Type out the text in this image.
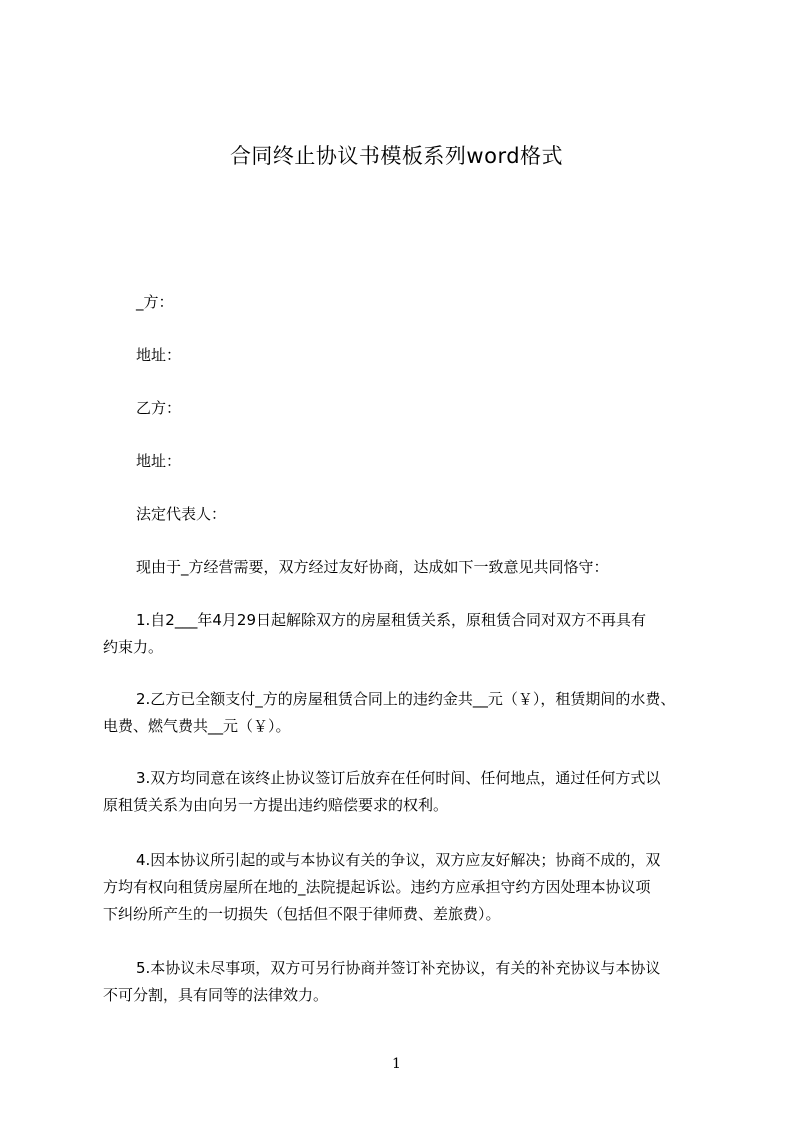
合同终止协议书模板系列word格式

_方：

地址：

乙方：

地址：

法定代表人：

现由于_方经营需要，双方经过友好协商，达成如下一致意见共同恪守：

1.自2___年4月29日起解除双方的房屋租赁关系，原租赁合同对双方不再具有
约束力。
2.乙方已全额支付_方的房屋租赁合同上的违约金共__元（￥），租赁期间的水费、
电费、燃气费共__元（￥）。
3.双方均同意在该终止协议签订后放弃在任何时间、任何地点，通过任何方式以
原租赁关系为由向另一方提出违约赔偿要求的权利。
4.因本协议所引起的或与本协议有关的争议，双方应友好解决；协商不成的，双
方均有权向租赁房屋所在地的_法院提起诉讼。违约方应承担守约方因处理本协议项
下纠纷所产生的一切损失（包括但不限于律师费、差旅费）。
5.本协议未尽事项，双方可另行协商并签订补充协议，有关的补充协议与本协议
不可分割，具有同等的法律效力。
1
